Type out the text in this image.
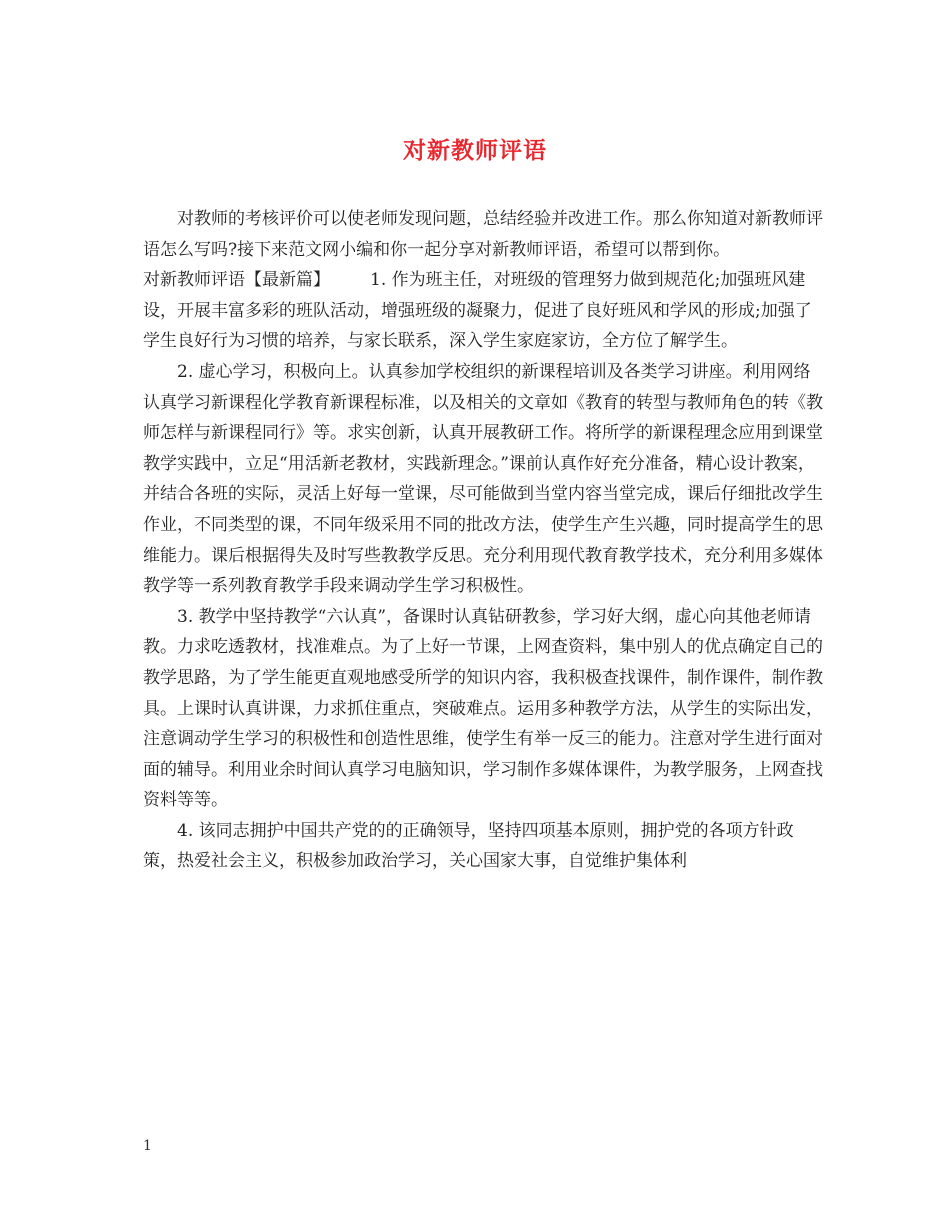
对新教师评语

对教师的考核评价可以使老师发现问题，总结经验并改进工作。那么你知道对新教师评语怎么写吗?接下来范文网小编和你一起分享对新教师评语，希望可以帮到你。

对新教师评语【最新篇】 1. 作为班主任，对班级的管理努力做到规范化;加强班风建设，开展丰富多彩的班队活动，增强班级的凝聚力，促进了良好班风和学风的形成;加强了学生良好行为习惯的培养，与家长联系，深入学生家庭家访，全方位了解学生。

2. 虚心学习，积极向上。认真参加学校组织的新课程培训及各类学习讲座。利用网络认真学习新课程化学教育新课程标准，以及相关的文章如《教育的转型与教师角色的转《教师怎样与新课程同行》等。求实创新，认真开展教研工作。将所学的新课程理念应用到课堂教学实践中，立足“用活新老教材，实践新理念。”课前认真作好充分准备，精心设计教案，并结合各班的实际，灵活上好每一堂课，尽可能做到当堂内容当堂完成，课后仔细批改学生作业，不同类型的课，不同年级采用不同的批改方法，使学生产生兴趣，同时提高学生的思维能力。课后根据得失及时写些教教学反思。充分利用现代教育教学技术，充分利用多媒体教学等一系列教育教学手段来调动学生学习积极性。

3. 教学中坚持教学“六认真”，备课时认真钻研教参，学习好大纲，虚心向其他老师请教。力求吃透教材，找准难点。为了上好一节课，上网查资料，集中别人的优点确定自己的教学思路，为了学生能更直观地感受所学的知识内容，我积极查找课件，制作课件，制作教具。上课时认真讲课，力求抓住重点，突破难点。运用多种教学方法，从学生的实际出发，注意调动学生学习的积极性和创造性思维，使学生有举一反三的能力。注意对学生进行面对面的辅导。利用业余时间认真学习电脑知识，学习制作多媒体课件，为教学服务，上网查找资料等等。

4. 该同志拥护中国共产党的的正确领导，坚持四项基本原则，拥护党的各项方针政策，热爱社会主义，积极参加政治学习，关心国家大事，自觉维护集体利

1
